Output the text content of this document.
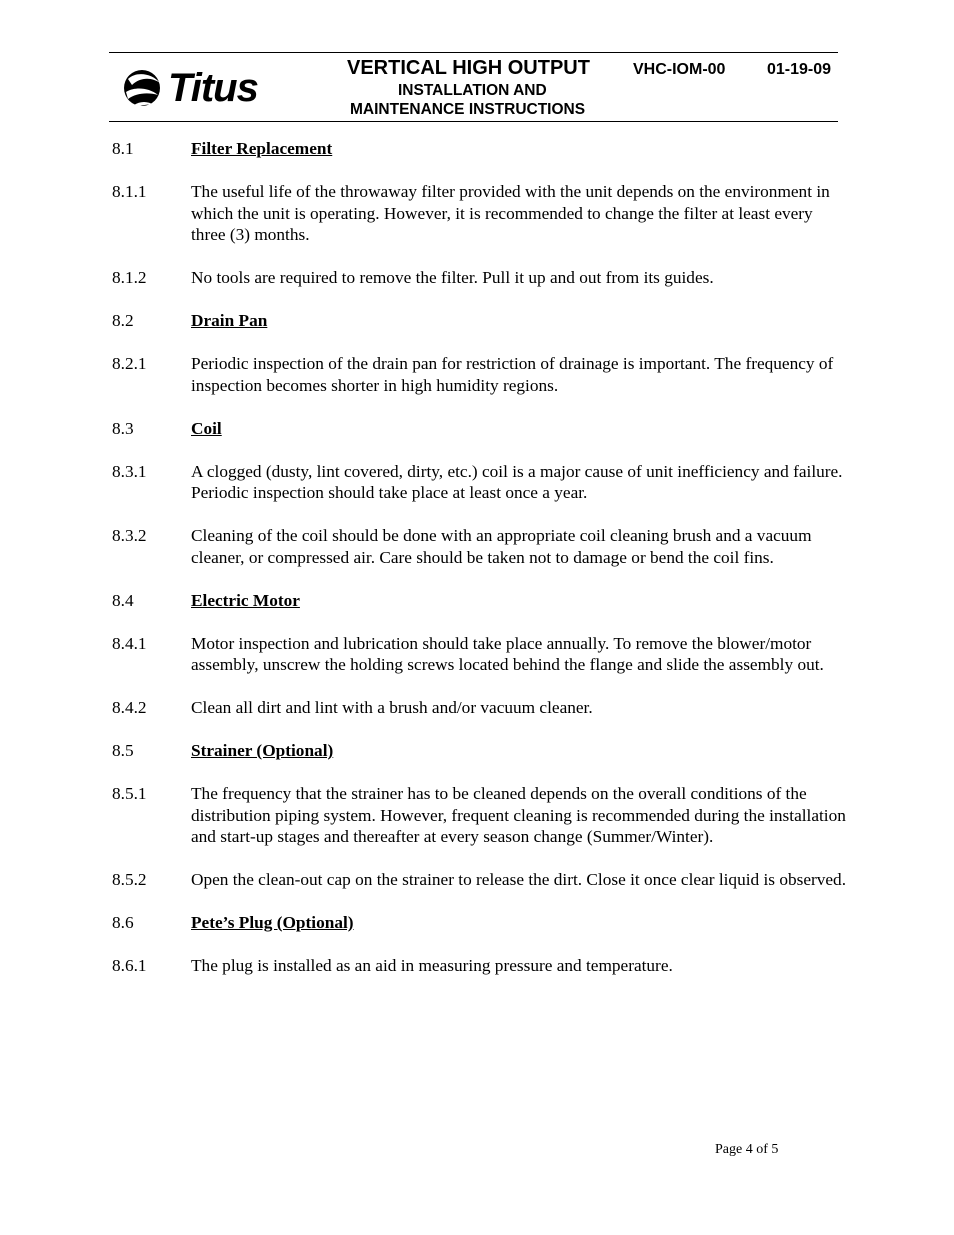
Titus	VERTICAL HIGH OUTPUT	VHC-IOM-00	01-19-09
INSTALLATION AND
MAINTENANCE INSTRUCTIONS
8.1	Filter Replacement
8.1.1	The useful life of the throwaway filter provided with the unit depends on the environment in which the unit is operating. However, it is recommended to change the filter at least every three (3) months.
8.1.2	No tools are required to remove the filter. Pull it up and out from its guides.
8.2	Drain Pan
8.2.1	Periodic inspection of the drain pan for restriction of drainage is important. The frequency of inspection becomes shorter in high humidity regions.
8.3	Coil
8.3.1	A clogged (dusty, lint covered, dirty, etc.) coil is a major cause of unit inefficiency and failure. Periodic inspection should take place at least once a year.
8.3.2	Cleaning of the coil should be done with an appropriate coil cleaning brush and a vacuum cleaner, or compressed air. Care should be taken not to damage or bend the coil fins.
8.4	Electric Motor
8.4.1	Motor inspection and lubrication should take place annually. To remove the blower/motor assembly, unscrew the holding screws located behind the flange and slide the assembly out.
8.4.2	Clean all dirt and lint with a brush and/or vacuum cleaner.
8.5	Strainer (Optional)
8.5.1	The frequency that the strainer has to be cleaned depends on the overall conditions of the distribution piping system. However, frequent cleaning is recommended during the installation and start-up stages and thereafter at every season change (Summer/Winter).
8.5.2	Open the clean-out cap on the strainer to release the dirt. Close it once clear liquid is observed.
8.6	Pete’s Plug (Optional)
8.6.1	The plug is installed as an aid in measuring pressure and temperature.
Page 4 of 5
